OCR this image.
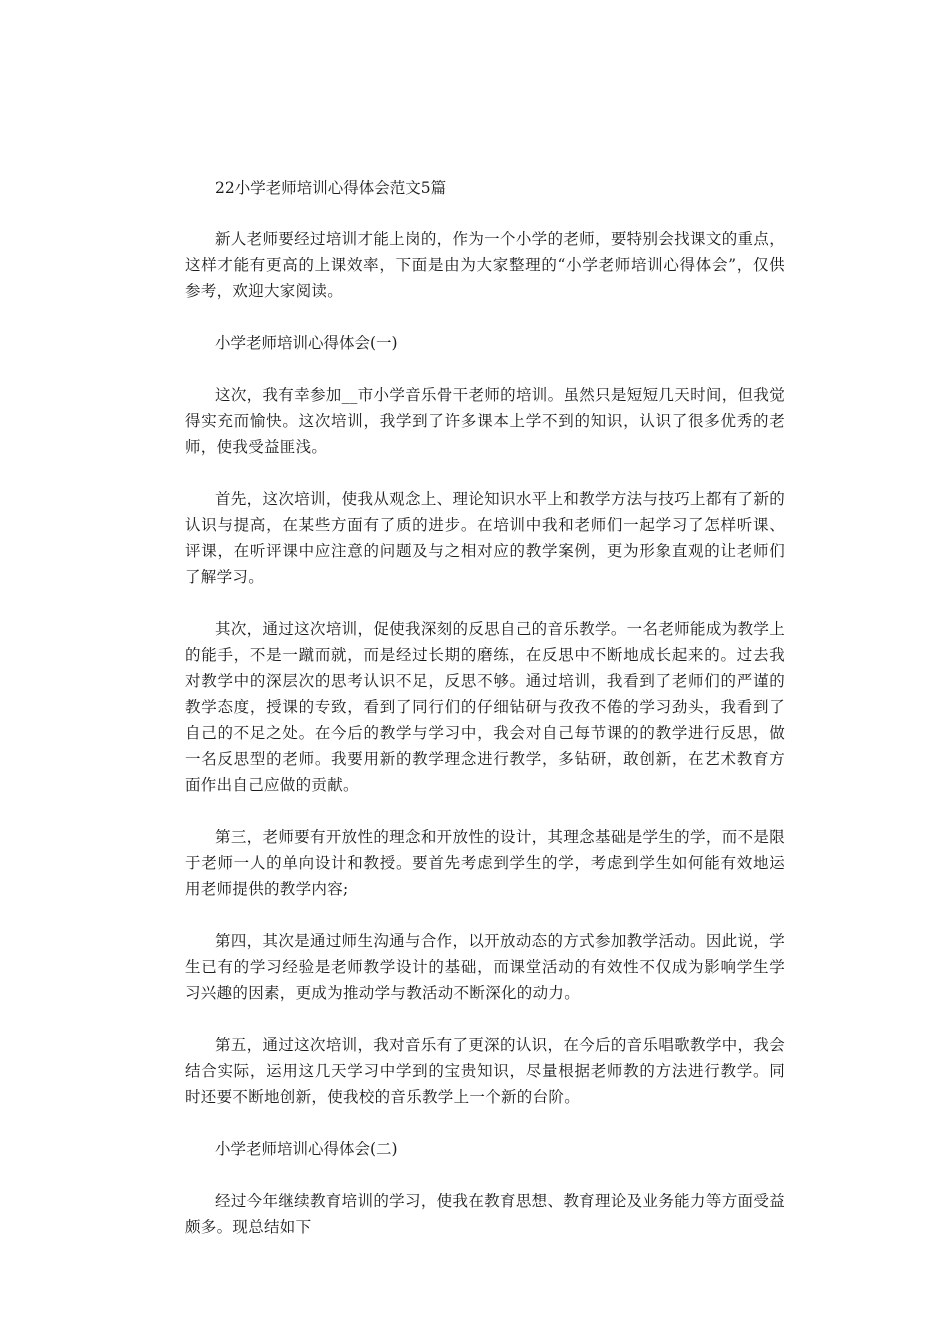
22小学老师培训心得体会范文5篇

新人老师要经过培训才能上岗的，作为一个小学的老师，要特别会找课文的重点，这样才能有更高的上课效率，下面是由为大家整理的“小学老师培训心得体会”，仅供参考，欢迎大家阅读。

小学老师培训心得体会(一)

这次，我有幸参加__市小学音乐骨干老师的培训。虽然只是短短几天时间，但我觉得实充而愉快。这次培训，我学到了许多课本上学不到的知识，认识了很多优秀的老师，使我受益匪浅。

首先，这次培训，使我从观念上、理论知识水平上和教学方法与技巧上都有了新的认识与提高，在某些方面有了质的进步。在培训中我和老师们一起学习了怎样听课、评课，在听评课中应注意的问题及与之相对应的教学案例，更为形象直观的让老师们了解学习。

其次，通过这次培训，促使我深刻的反思自己的音乐教学。一名老师能成为教学上的能手，不是一蹴而就，而是经过长期的磨练，在反思中不断地成长起来的。过去我对教学中的深层次的思考认识不足，反思不够。通过培训，我看到了老师们的严谨的教学态度，授课的专致，看到了同行们的仔细钻研与孜孜不倦的学习劲头，我看到了自己的不足之处。在今后的教学与学习中，我会对自己每节课的的教学进行反思，做一名反思型的老师。我要用新的教学理念进行教学，多钻研，敢创新，在艺术教育方面作出自己应做的贡献。

第三，老师要有开放性的理念和开放性的设计，其理念基础是学生的学，而不是限于老师一人的单向设计和教授。要首先考虑到学生的学，考虑到学生如何能有效地运用老师提供的教学内容;

第四，其次是通过师生沟通与合作，以开放动态的方式参加教学活动。因此说，学生已有的学习经验是老师教学设计的基础，而课堂活动的有效性不仅成为影响学生学习兴趣的因素，更成为推动学与教活动不断深化的动力。

第五，通过这次培训，我对音乐有了更深的认识，在今后的音乐唱歌教学中，我会结合实际，运用这几天学习中学到的宝贵知识，尽量根据老师教的方法进行教学。同时还要不断地创新，使我校的音乐教学上一个新的台阶。

小学老师培训心得体会(二)

经过今年继续教育培训的学习，使我在教育思想、教育理论及业务能力等方面受益颇多。现总结如下
